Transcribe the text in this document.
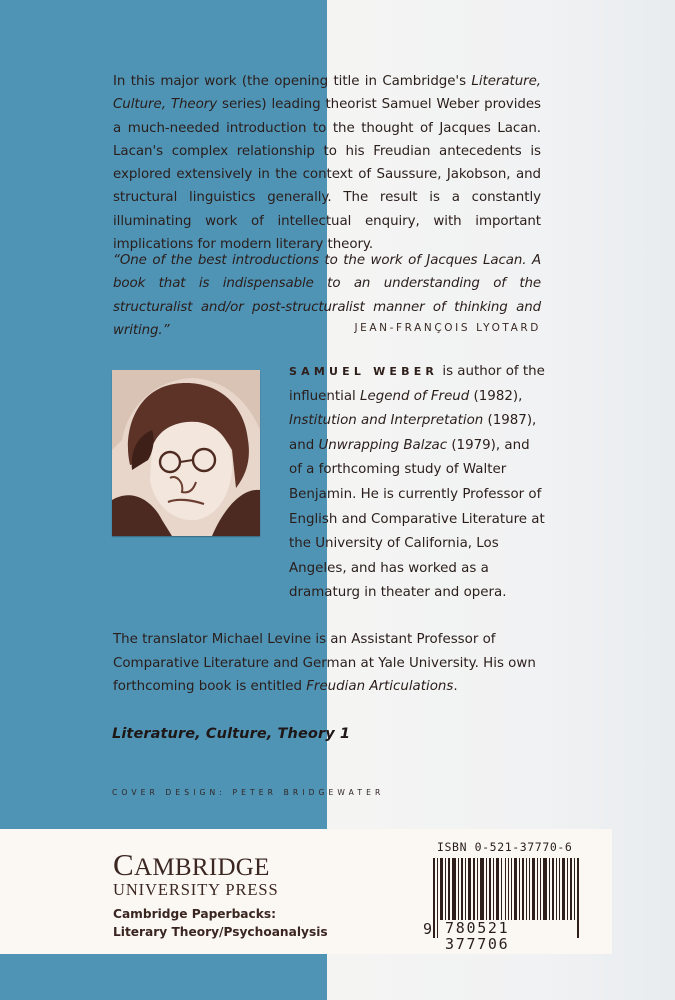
In this major work (the opening title in Cambridge's Literature, Culture, Theory series) leading theorist Samuel Weber provides a much-needed introduction to the thought of Jacques Lacan. Lacan's complex relationship to his Freudian antecedents is explored extensively in the context of Saussure, Jakobson, and structural linguistics generally. The result is a constantly illuminating work of intellectual enquiry, with important implications for modern literary theory.

“One of the best introductions to the work of Jacques Lacan. A book that is indispensable to an understanding of the structuralist and/or post-structuralist manner of thinking and writing.”	JEAN-FRANÇOIS LYOTARD

SAMUEL WEBER is author of the influential Legend of Freud (1982), Institution and Interpretation (1987), and Unwrapping Balzac (1979), and of a forthcoming study of Walter Benjamin. He is currently Professor of English and Comparative Literature at the University of California, Los Angeles, and has worked as a dramaturg in theater and opera.

The translator Michael Levine is an Assistant Professor of Comparative Literature and German at Yale University. His own forthcoming book is entitled Freudian Articulations.

Literature, Culture, Theory 1
COVER DESIGN: PETER BRIDGEWATER
CAMBRIDGE
UNIVERSITY PRESS
Cambridge Paperbacks:
Literary Theory/Psychoanalysis
ISBN 0-521-37770-6
9 780521 377706
